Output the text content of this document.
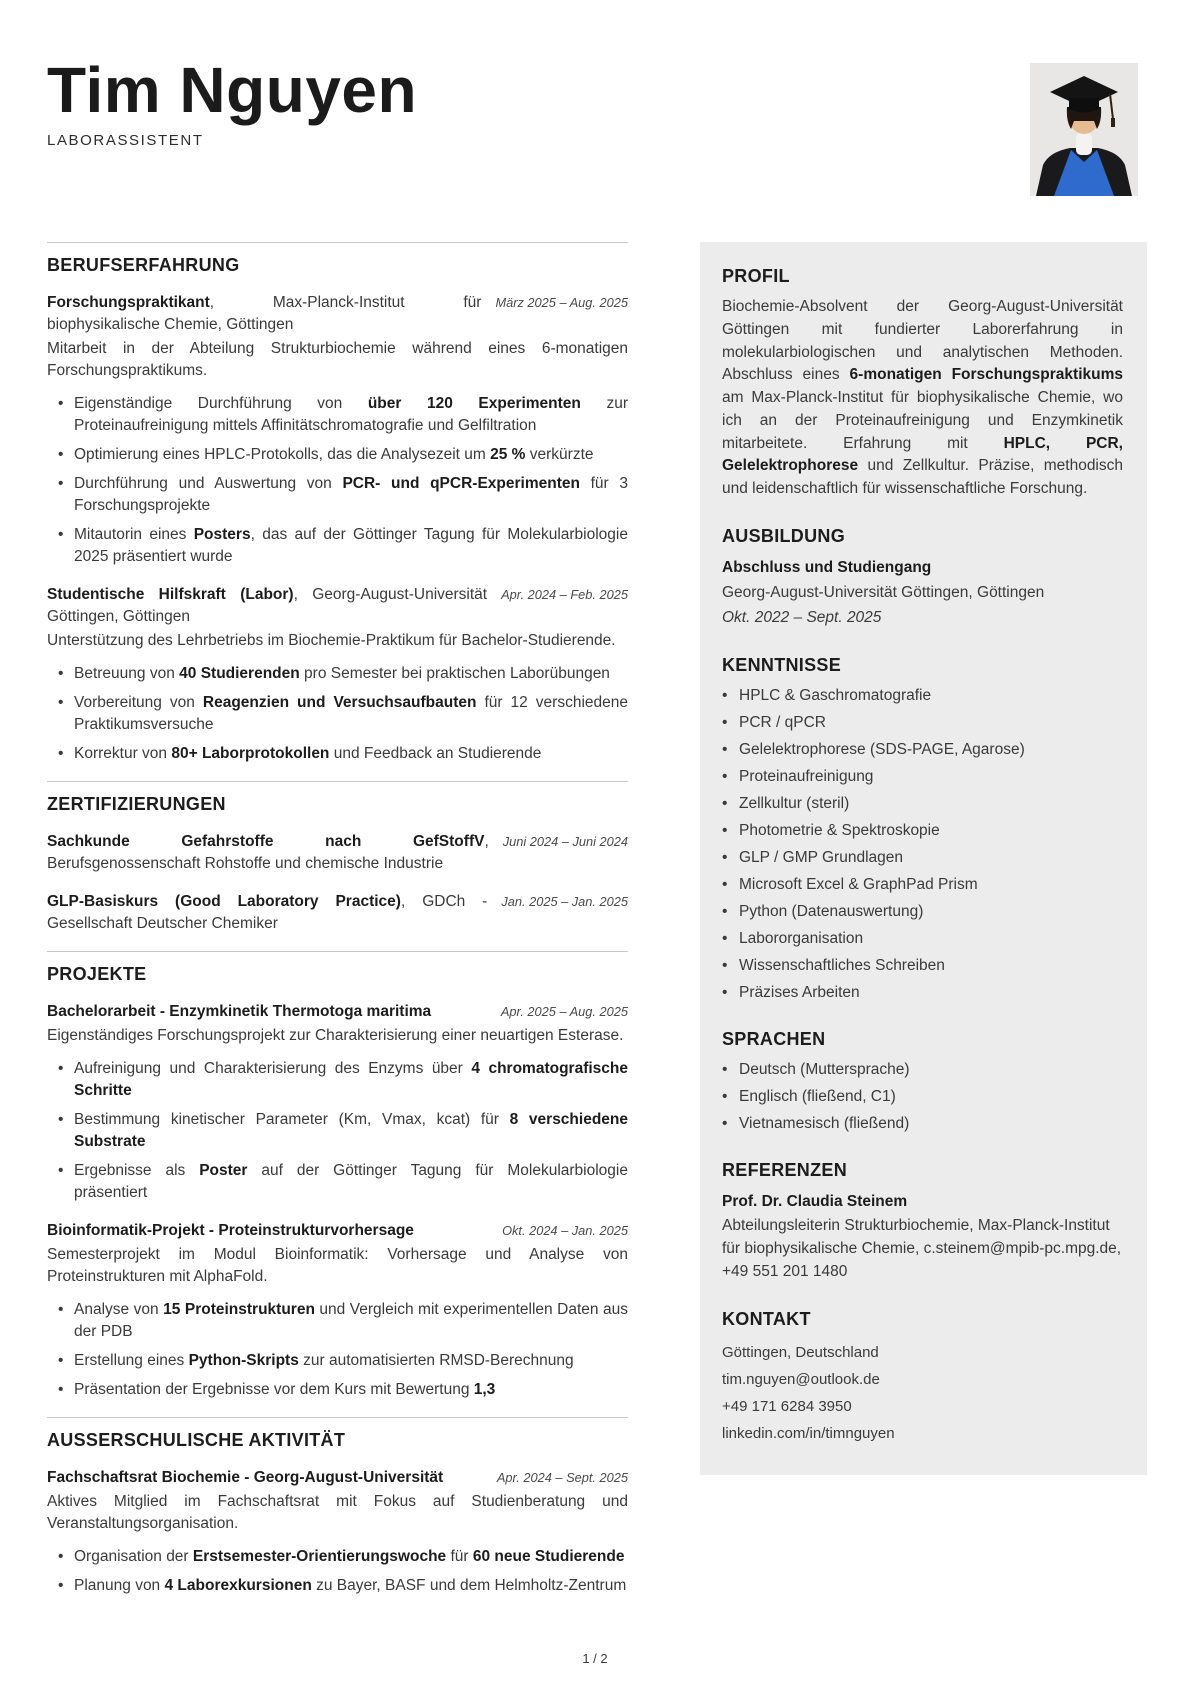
Tim Nguyen
LABORASSISTENT
BERUFSERFAHRUNG
Forschungspraktikant, Max-Planck-Institut für biophysikalische Chemie, Göttingen
März 2025 – Aug. 2025
Mitarbeit in der Abteilung Strukturbiochemie während eines 6-monatigen Forschungspraktikums.
• Eigenständige Durchführung von über 120 Experimenten zur Proteinaufreinigung mittels Affinitätschromatografie und Gelfiltration
• Optimierung eines HPLC-Protokolls, das die Analysezeit um 25 % verkürzte
• Durchführung und Auswertung von PCR- und qPCR-Experimenten für 3 Forschungsprojekte
• Mitautorin eines Posters, das auf der Göttinger Tagung für Molekularbiologie 2025 präsentiert wurde
Studentische Hilfskraft (Labor), Georg-August-Universität Göttingen, Göttingen
Apr. 2024 – Feb. 2025
Unterstützung des Lehrbetriebs im Biochemie-Praktikum für Bachelor-Studierende.
• Betreuung von 40 Studierenden pro Semester bei praktischen Laborübungen
• Vorbereitung von Reagenzien und Versuchsaufbauten für 12 verschiedene Praktikumsversuche
• Korrektur von 80+ Laborprotokollen und Feedback an Studierende
ZERTIFIZIERUNGEN
Sachkunde Gefahrstoffe nach GefStoffV, Berufsgenossenschaft Rohstoffe und chemische Industrie
Juni 2024 – Juni 2024
GLP-Basiskurs (Good Laboratory Practice), GDCh - Gesellschaft Deutscher Chemiker
Jan. 2025 – Jan. 2025
PROJEKTE
Bachelorarbeit - Enzymkinetik Thermotoga maritima	Apr. 2025 – Aug. 2025
Eigenständiges Forschungsprojekt zur Charakterisierung einer neuartigen Esterase.
• Aufreinigung und Charakterisierung des Enzyms über 4 chromatografische Schritte
• Bestimmung kinetischer Parameter (Km, Vmax, kcat) für 8 verschiedene Substrate
• Ergebnisse als Poster auf der Göttinger Tagung für Molekularbiologie präsentiert
Bioinformatik-Projekt - Proteinstrukturvorhersage	Okt. 2024 – Jan. 2025
Semesterprojekt im Modul Bioinformatik: Vorhersage und Analyse von Proteinstrukturen mit AlphaFold.
• Analyse von 15 Proteinstrukturen und Vergleich mit experimentellen Daten aus der PDB
• Erstellung eines Python-Skripts zur automatisierten RMSD-Berechnung
• Präsentation der Ergebnisse vor dem Kurs mit Bewertung 1,3
AUSSERSCHULISCHE AKTIVITÄT
Fachschaftsrat Biochemie - Georg-August-Universität	Apr. 2024 – Sept. 2025
Aktives Mitglied im Fachschaftsrat mit Fokus auf Studienberatung und Veranstaltungsorganisation.
• Organisation der Erstsemester-Orientierungswoche für 60 neue Studierende
• Planung von 4 Laborexkursionen zu Bayer, BASF und dem Helmholtz-Zentrum
PROFIL
Biochemie-Absolvent der Georg-August-Universität Göttingen mit fundierter Laborerfahrung in molekularbiologischen und analytischen Methoden. Abschluss eines 6-monatigen Forschungspraktikums am Max-Planck-Institut für biophysikalische Chemie, wo ich an der Proteinaufreinigung und Enzymkinetik mitarbeitete. Erfahrung mit HPLC, PCR, Gelelektrophorese und Zellkultur. Präzise, methodisch und leidenschaftlich für wissenschaftliche Forschung.
AUSBILDUNG
Abschluss und Studiengang
Georg-August-Universität Göttingen, Göttingen
Okt. 2022 – Sept. 2025
KENNTNISSE
• HPLC & Gaschromatografie
• PCR / qPCR
• Gelelektrophorese (SDS-PAGE, Agarose)
• Proteinaufreinigung
• Zellkultur (steril)
• Photometrie & Spektroskopie
• GLP / GMP Grundlagen
• Microsoft Excel & GraphPad Prism
• Python (Datenauswertung)
• Labororganisation
• Wissenschaftliches Schreiben
• Präzises Arbeiten
SPRACHEN
• Deutsch (Muttersprache)
• Englisch (fließend, C1)
• Vietnamesisch (fließend)
REFERENZEN
Prof. Dr. Claudia Steinem
Abteilungsleiterin Strukturbiochemie, Max-Planck-Institut für biophysikalische Chemie, c.steinem@mpib-pc.mpg.de, +49 551 201 1480
KONTAKT
Göttingen, Deutschland
tim.nguyen@outlook.de
+49 171 6284 3950
linkedin.com/in/timnguyen
1 / 2
